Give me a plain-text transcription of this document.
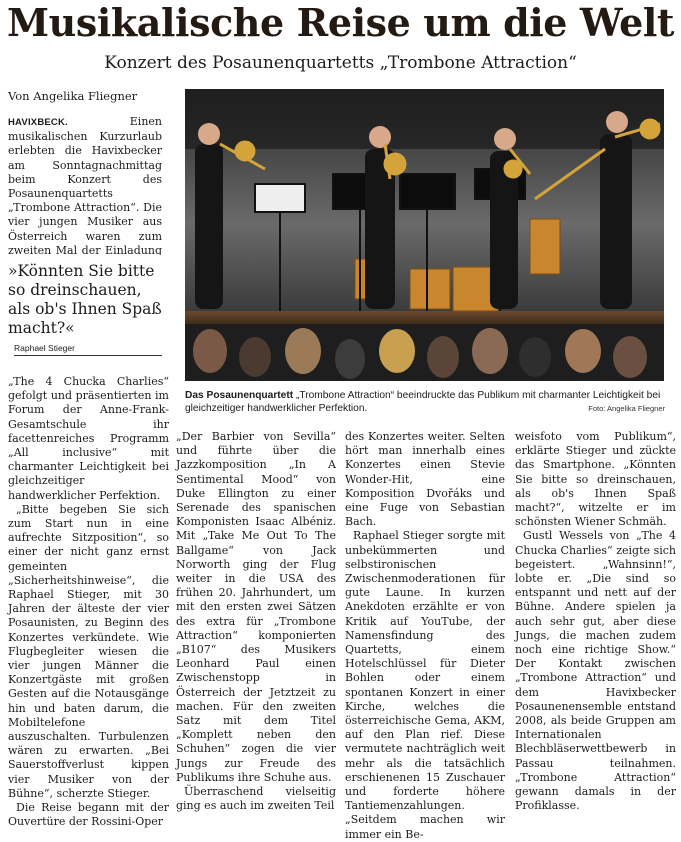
Musikalische Reise um die Welt
Konzert des Posaunenquartetts „Trombone Attraction“
Von Angelika Fliegner
HAVIXBECK.	Einen musikalischen Kurzurlaub erlebten die Havixbecker am Sonntagnachmittag beim Konzert des Posaunenquartetts „Trombone Attraction“. Die vier jungen Musiker aus Österreich waren zum zweiten Mal der Einladung
»Könnten Sie bitte so dreinschauen, als ob's Ihnen Spaß macht?«
Raphael Stieger
Das Posaunenquartett „Trombone Attraction“ beeindruckte das Publikum mit charmanter Leichtigkeit bei gleichzeitiger handwerklicher Perfektion.	Foto: Angelika Fliegner

„The 4 Chucka Charlies“ gefolgt und präsentierten im Forum der Anne-Frank-Gesamtschule ihr facettenreiches Programm „All inclusive“ mit charmanter Leichtigkeit bei gleichzeitiger handwerklicher Perfektion.

„Bitte begeben Sie sich zum Start nun in eine aufrechte Sitzposition“, so einer der nicht ganz ernst gemeinten „Sicherheitshinweise“, die Raphael Stieger, mit 30 Jahren der älteste der vier Posaunisten, zu Beginn des Konzertes verkündete. Wie Flugbegleiter wiesen die vier jungen Männer die Konzertgäste mit großen Gesten auf die Notausgänge hin und baten darum, die Mobiltelefone auszuschalten. Turbulenzen wären zu erwarten. „Bei Sauerstoffverlust kippen vier Musiker von der Bühne“, scherzte Stieger.

Die Reise begann mit der Ouvertüre der Rossini-Oper

„Der Barbier von Sevilla“ und führte über die Jazzkomposition „In A Sentimental Mood“ von Duke Ellington zu einer Serenade des spanischen Komponisten Isaac Albéniz. Mit „Take Me Out To The Ballgame“ von Jack Norworth ging der Flug weiter in die USA des frühen 20. Jahrhundert, um mit den ersten zwei Sätzen des extra für „Trombone Attraction“ komponierten „B107“ des Musikers Leonhard Paul einen Zwischenstopp in Österreich der Jetztzeit zu machen. Für den zweiten Satz mit dem Titel „Komplett neben den Schuhen“ zogen die vier Jungs zur Freude des Publikums ihre Schuhe aus.

Überraschend vielseitig ging es auch im zweiten Teil

des Konzertes weiter. Selten hört man innerhalb eines Konzertes einen Stevie Wonder-Hit, eine Komposition Dvořáks und eine Fuge von Sebastian Bach.

Raphael Stieger sorgte mit unbekümmerten und selbstironischen Zwischenmoderationen für gute Laune. In kurzen Anekdoten erzählte er von Kritik auf YouTube, der Namensfindung des Quartetts, einem Hotelschlüssel für Dieter Bohlen oder einem spontanen Konzert in einer Kirche, welches die österreichische Gema, AKM, auf den Plan rief. Diese vermutete nachträglich weit mehr als die tatsächlich erschienenen 15 Zuschauer und forderte höhere Tantiemenzahlungen. „Seitdem machen wir immer ein Be-

weisfoto vom Publikum“, erklärte Stieger und zückte das Smartphone. „Könnten Sie bitte so dreinschauen, als ob's Ihnen Spaß macht?“, witzelte er im schönsten Wiener Schmäh.

Gustl Wessels von „The 4 Chucka Charlies“ zeigte sich begeistert. „Wahnsinn!“, lobte er. „Die sind so entspannt und nett auf der Bühne. Andere spielen ja auch sehr gut, aber diese Jungs, die machen zudem noch eine richtige Show.“ Der Kontakt zwischen „Trombone Attraction“ und dem Havixbecker Posaunenensemble entstand 2008, als beide Gruppen am Internationalen Blechbläserwettbewerb in Passau teilnahmen. „Trombone Attraction“ gewann damals in der Profiklasse.
